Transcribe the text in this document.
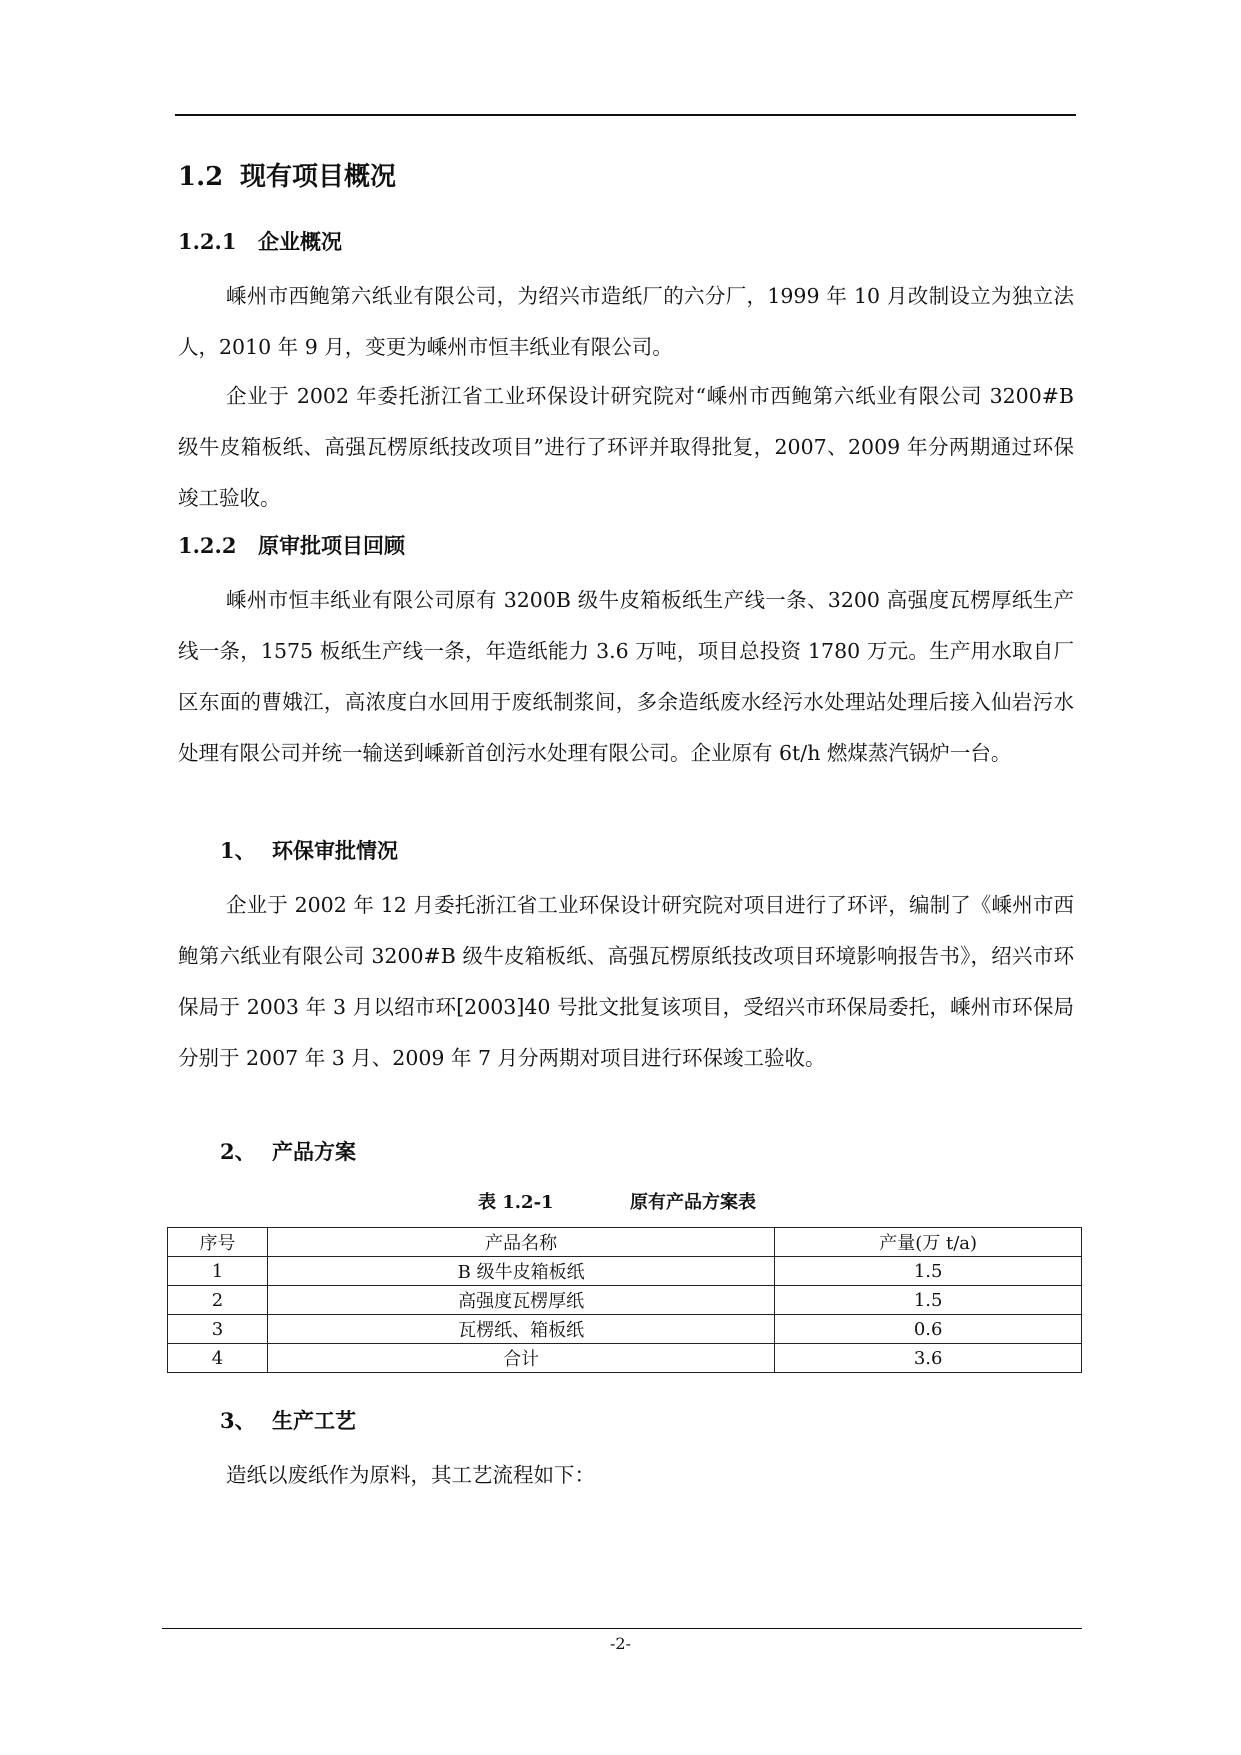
1.2 现有项目概况
1.2.1 企业概况

嵊州市西鲍第六纸业有限公司，为绍兴市造纸厂的六分厂，1999 年 10 月改制设立为独立法人，2010 年 9 月，变更为嵊州市恒丰纸业有限公司。

企业于 2002 年委托浙江省工业环保设计研究院对“嵊州市西鲍第六纸业有限公司 3200#B 级牛皮箱板纸、高强瓦楞原纸技改项目”进行了环评并取得批复，2007、2009 年分两期通过环保竣工验收。

1.2.2 原审批项目回顾

嵊州市恒丰纸业有限公司原有 3200B 级牛皮箱板纸生产线一条、3200 高强度瓦楞厚纸生产线一条，1575 板纸生产线一条，年造纸能力 3.6 万吨，项目总投资 1780 万元。生产用水取自厂区东面的曹娥江，高浓度白水回用于废纸制浆间，多余造纸废水经污水处理站处理后接入仙岩污水处理有限公司并统一输送到嵊新首创污水处理有限公司。企业原有 6t/h 燃煤蒸汽锅炉一台。

1、 环保审批情况

企业于 2002 年 12 月委托浙江省工业环保设计研究院对项目进行了环评，编制了《嵊州市西鲍第六纸业有限公司 3200#B 级牛皮箱板纸、高强瓦楞原纸技改项目环境影响报告书》，绍兴市环保局于 2003 年 3 月以绍市环[2003]40 号批文批复该项目，受绍兴市环保局委托，嵊州市环保局分别于 2007 年 3 月、2009 年 7 月分两期对项目进行环保竣工验收。

2、 产品方案
表 1.2-1	原有产品方案表
序号	产品名称	产量(万 t/a)
1	B 级牛皮箱板纸	1.5
2	高强度瓦楞厚纸	1.5
3	瓦楞纸、箱板纸	0.6
4	合计	3.6
3、 生产工艺

造纸以废纸作为原料，其工艺流程如下：

-2-
